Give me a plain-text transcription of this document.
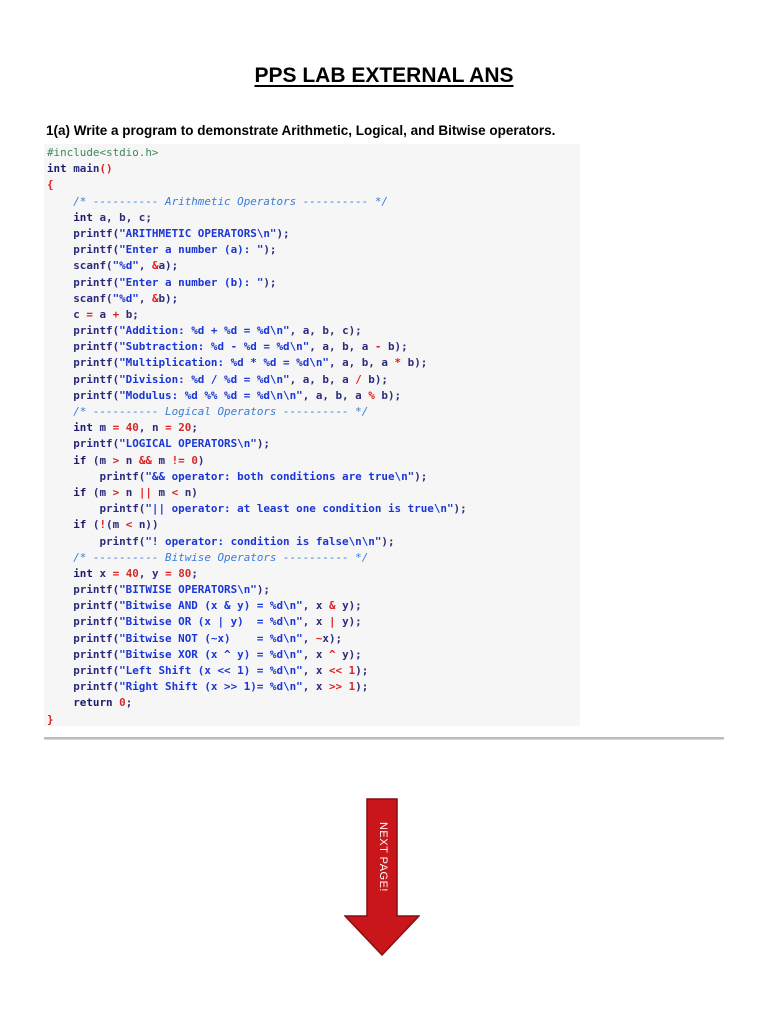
PPS LAB EXTERNAL ANS
1(a) Write a program to demonstrate Arithmetic, Logical, and Bitwise operators.
#include<stdio.h>
int main()
{
/* ---------- Arithmetic Operators ---------- */
int a, b, c;
printf("ARITHMETIC OPERATORS\n");
printf("Enter a number (a): ");
scanf("%d", &a);
printf("Enter a number (b): ");
scanf("%d", &b);
c = a + b;
printf("Addition: %d + %d = %d\n", a, b, c);
printf("Subtraction: %d - %d = %d\n", a, b, a - b);
printf("Multiplication: %d * %d = %d\n", a, b, a * b);
printf("Division: %d / %d = %d\n", a, b, a / b);
printf("Modulus: %d %% %d = %d\n\n", a, b, a % b);
/* ---------- Logical Operators ---------- */
int m = 40, n = 20;
printf("LOGICAL OPERATORS\n");
if (m > n && m != 0)
printf("&& operator: both conditions are true\n");
if (m > n || m < n)
printf("|| operator: at least one condition is true\n");
if (!(m < n))
printf("! operator: condition is false\n\n");
/* ---------- Bitwise Operators ---------- */
int x = 40, y = 80;
printf("BITWISE OPERATORS\n");
printf("Bitwise AND (x & y) = %d\n", x & y);
printf("Bitwise OR (x | y)  = %d\n", x | y);
printf("Bitwise NOT (~x)    = %d\n", ~x);
printf("Bitwise XOR (x ^ y) = %d\n", x ^ y);
printf("Left Shift (x << 1) = %d\n", x << 1);
printf("Right Shift (x >> 1)= %d\n", x >> 1);
return 0;
}
NEXT PAGE!
